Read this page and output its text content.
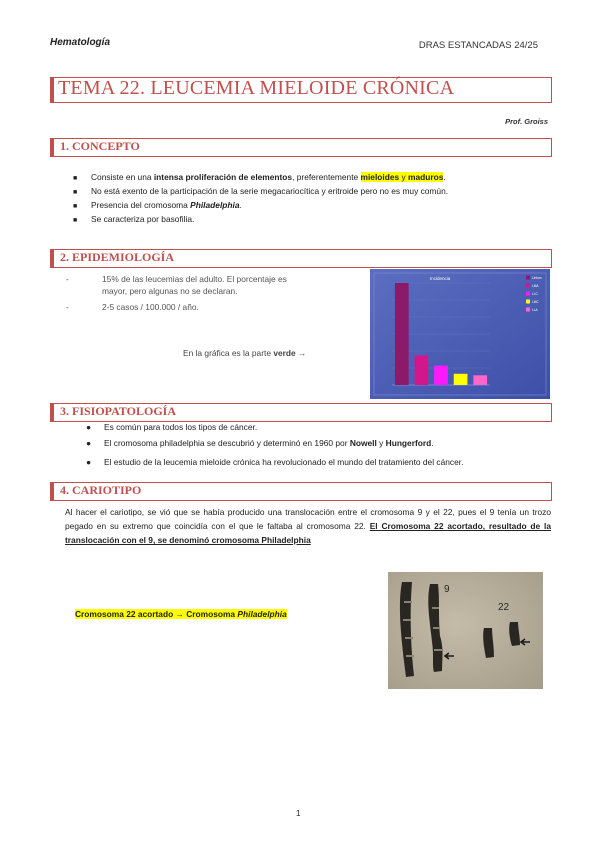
Hematología	DRAS ESTANCADAS 24/25
TEMA 22. LEUCEMIA MIELOIDE CRÓNICA
Prof. Groiss
1. CONCEPTO
■ Consiste en una intensa proliferación de elementos, preferentemente mieloides y maduros.
■ No está exento de la participación de la serie megacariocítica y eritroide pero no es muy común.
■ Presencia del cromosoma Philadelphia.
■ Se caracteriza por basofilia.
2. EPIDEMIOLOGÍA
-	15% de las leucemias del adulto. El porcentaje es
mayor, pero algunas no se declaran.
-	2-5 casos / 100.000 / año.
En la gráfica es la parte verde →
Incidencia	Linfom
LMA
LLC
LMC
LLA
3. FISIOPATOLOGÍA
● Es común para todos los tipos de cáncer.
● El cromosoma philadelphia se descubrió y determinó en 1960 por Nowell y Hungerford.
● El estudio de la leucemia mieloide crónica ha revolucionado el mundo del tratamiento del cáncer.
4. CARIOTIPO
Al hacer el cariotipo, se vió que se había producido una translocación entre el cromosoma 9 y el 22, pues el 9 tenía un trozo pegado en su extremo que coincidía con el que le faltaba al cromosoma 22. El Cromosoma 22 acortado, resultado de la translocación con el 9, se denominó cromosoma Philadelphia
Cromosoma 22 acortado → Cromosoma Philadelphia
9
22
1
